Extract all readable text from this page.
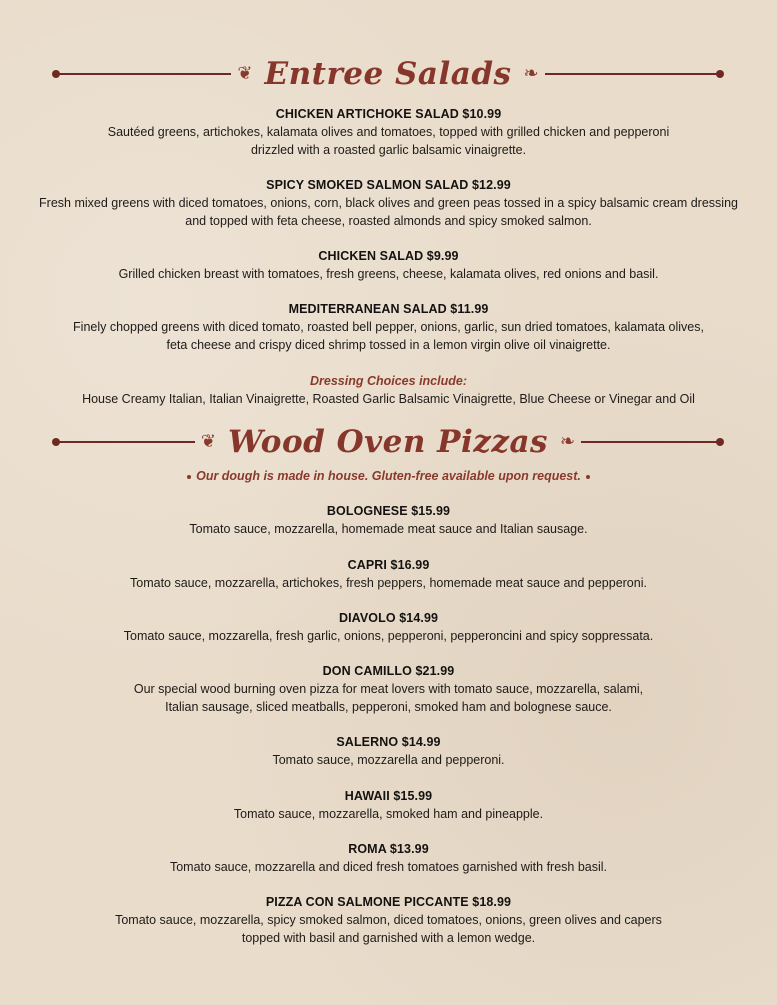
❦ Entree Salads ❧
CHICKEN ARTICHOKE SALAD $10.99
Sautéed greens, artichokes, kalamata olives and tomatoes, topped with grilled chicken and pepperoni
drizzled with a roasted garlic balsamic vinaigrette.
SPICY SMOKED SALMON SALAD $12.99
Fresh mixed greens with diced tomatoes, onions, corn, black olives and green peas tossed in a spicy balsamic cream dressing
and topped with feta cheese, roasted almonds and spicy smoked salmon.
CHICKEN SALAD $9.99
Grilled chicken breast with tomatoes, fresh greens, cheese, kalamata olives, red onions and basil.
MEDITERRANEAN SALAD $11.99
Finely chopped greens with diced tomato, roasted bell pepper, onions, garlic, sun dried tomatoes, kalamata olives,
feta cheese and crispy diced shrimp tossed in a lemon virgin olive oil vinaigrette.
Dressing Choices include:
House Creamy Italian, Italian Vinaigrette, Roasted Garlic Balsamic Vinaigrette, Blue Cheese or Vinegar and Oil
❦ Wood Oven Pizzas ❧
Our dough is made in house. Gluten-free available upon request.
BOLOGNESE $15.99
Tomato sauce, mozzarella, homemade meat sauce and Italian sausage.
CAPRI $16.99
Tomato sauce, mozzarella, artichokes, fresh peppers, homemade meat sauce and pepperoni.
DIAVOLO $14.99
Tomato sauce, mozzarella, fresh garlic, onions, pepperoni, pepperoncini and spicy soppressata.
DON CAMILLO $21.99
Our special wood burning oven pizza for meat lovers with tomato sauce, mozzarella, salami,
Italian sausage, sliced meatballs, pepperoni, smoked ham and bolognese sauce.
SALERNO $14.99
Tomato sauce, mozzarella and pepperoni.
HAWAII $15.99
Tomato sauce, mozzarella, smoked ham and pineapple.
ROMA $13.99
Tomato sauce, mozzarella and diced fresh tomatoes garnished with fresh basil.
PIZZA CON SALMONE PICCANTE $18.99
Tomato sauce, mozzarella, spicy smoked salmon, diced tomatoes, onions, green olives and capers
topped with basil and garnished with a lemon wedge.
